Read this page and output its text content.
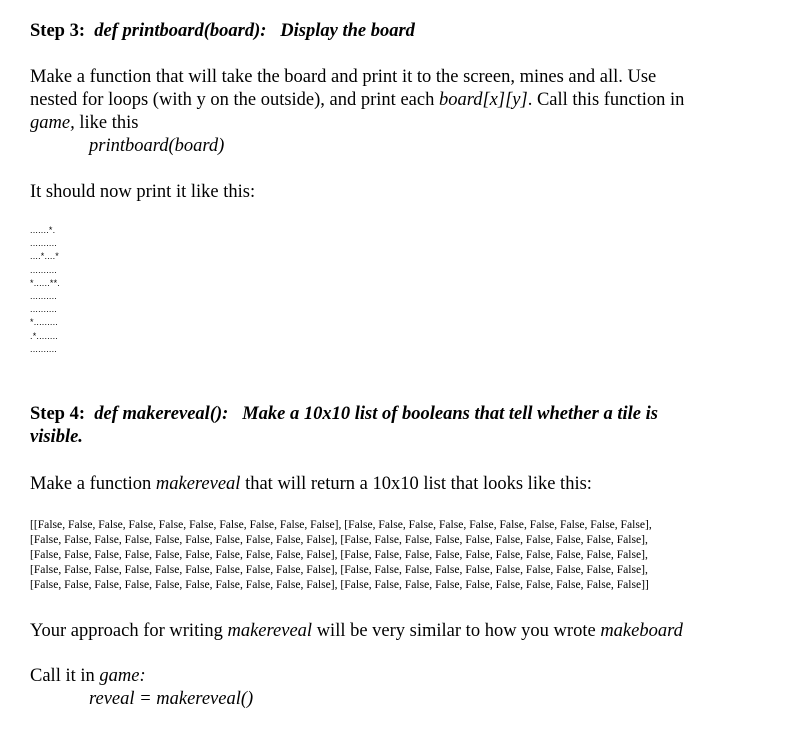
Step 3: def printboard(board): Display the board
Make a function that will take the board and print it to the screen, mines and all. Use
nested for loops (with y on the outside), and print each board[x][y]. Call this function in
game, like this
printboard(board)
It should now print it like this:
.......*.
..........
....*....*
..........
*......**.
..........
..........
*.........
.*........
..........
Step 4: def makereveal(): Make a 10x10 list of booleans that tell whether a tile is
visible.
Make a function makereveal that will return a 10x10 list that looks like this:
[[False, False, False, False, False, False, False, False, False, False], [False, False, False, False, False, False, False, False, False, False],
[False, False, False, False, False, False, False, False, False, False], [False, False, False, False, False, False, False, False, False, False],
[False, False, False, False, False, False, False, False, False, False], [False, False, False, False, False, False, False, False, False, False],
[False, False, False, False, False, False, False, False, False, False], [False, False, False, False, False, False, False, False, False, False],
[False, False, False, False, False, False, False, False, False, False], [False, False, False, False, False, False, False, False, False, False]]
Your approach for writing makereveal will be very similar to how you wrote makeboard
Call it in game:
reveal = makereveal()
